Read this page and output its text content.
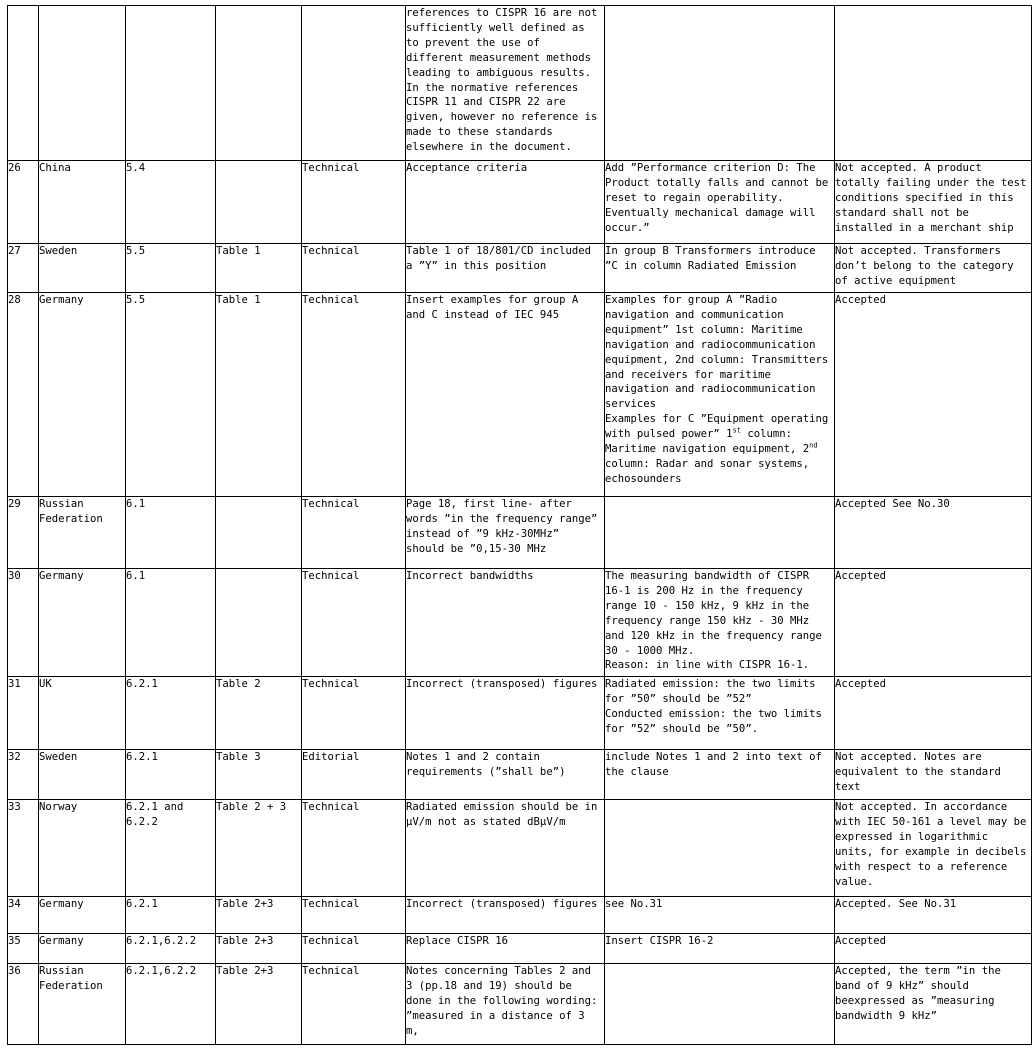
					references to CISPR 16 are not sufficiently well defined as to prevent the use of different measurement methods leading to ambiguous results. In the normative references CISPR 11 and CISPR 22 are given, however no reference is made to these standards elsewhere in the document.		

26	China	5.4		Technical	Acceptance criteria	Add ”Performance criterion D: The Product totally falls and cannot be reset to regain operability. Eventually mechanical damage will occur.”	Not accepted. A product totally failing under the test conditions specified in this standard shall not be installed in a merchant ship

27	Sweden	5.5	Table 1	Technical	Table 1 of 18/801/CD included a ”Y” in this position	In group B Transformers introduce ”C in column Radiated Emission	Not accepted. Transformers don’t belong to the category of active equipment

28	Germany	5.5	Table 1	Technical	Insert examples for group A and C instead of IEC 945	Examples for group A ”Radio navigation and communication equipment” 1st column: Maritime navigation and radiocommunication equipment, 2nd column: Transmitters and receivers for maritime navigation and radiocommunication services
Examples for C ”Equipment operating with pulsed power” 1st column: Maritime navigation equipment, 2nd column: Radar and sonar systems, echosounders	Accepted

29	Russian Federation	6.1		Technical	Page 18, first line- after words ”in the frequency range” instead of ”9 kHz-30MHz” should be ”0,15-30 MHz		Accepted See No.30

30	Germany	6.1		Technical	Incorrect bandwidths	The measuring bandwidth of CISPR 16-1 is 200 Hz in the frequency range 10 - 150 kHz, 9 kHz in the frequency range 150 kHz - 30 MHz and 120 kHz in the frequency range 30 - 1000 MHz.
Reason: in line with CISPR 16-1.	Accepted

31	UK	6.2.1	Table 2	Technical	Incorrect (transposed) figures	Radiated emission: the two limits for ”50” should be ”52”
Conducted emission: the two limits for ”52” should be ”50”.	Accepted

32	Sweden	6.2.1	Table 3	Editorial	Notes 1 and 2 contain requirements (”shall be”)	include Notes 1 and 2 into text of the clause	Not accepted. Notes are equivalent to the standard text

33	Norway	6.2.1 and 6.2.2	Table 2 + 3	Technical	Radiated emission should be in μV/m not as stated dBμV/m		Not accepted. In accordance with IEC 50-161 a level may be expressed in logarithmic units, for example in decibels with respect to a reference value.

34	Germany	6.2.1	Table 2+3	Technical	Incorrect (transposed) figures	see No.31	Accepted. See No.31

35	Germany	6.2.1,6.2.2	Table 2+3	Technical	Replace CISPR 16	Insert CISPR 16-2	Accepted

36	Russian Federation	6.2.1,6.2.2	Table 2+3	Technical	Notes concerning Tables 2 and 3 (pp.18 and 19) should be done in the following wording: ”measured in a distance of 3 m,		Accepted, the term ”in the band of 9 kHz” should beexpressed as ”measuring bandwidth 9 kHz”
